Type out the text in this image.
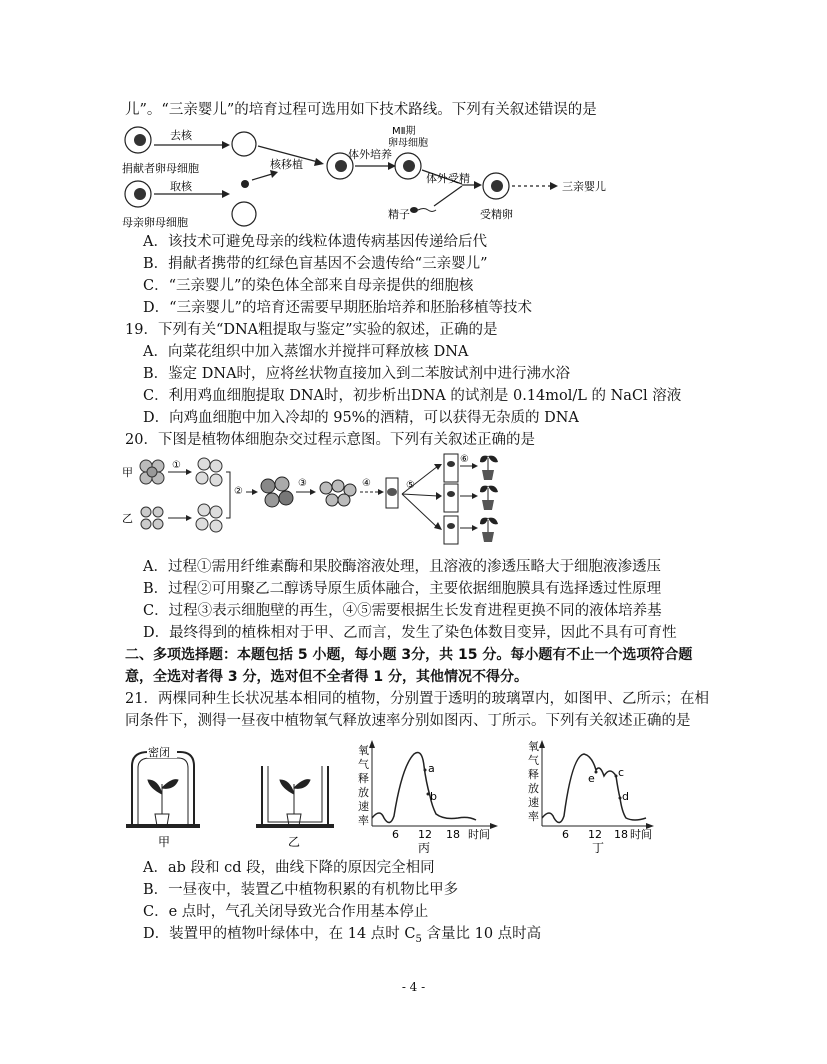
儿”。“三亲婴儿”的培育过程可选用如下技术路线。下列有关叙述错误的是
去核
捐献者卵母细胞
取核
母亲卵母细胞
核移植
体外培养
MⅡ期
卵母细胞
体外受精
精子	受精卵
三亲婴儿
A．该技术可避免母亲的线粒体遗传病基因传递给后代
B．捐献者携带的红绿色盲基因不会遗传给“三亲婴儿”
C．“三亲婴儿”的染色体全部来自母亲提供的细胞核
D．“三亲婴儿”的培育还需要早期胚胎培养和胚胎移植等技术
19．下列有关“DNA粗提取与鉴定”实验的叙述，正确的是
A．向菜花组织中加入蒸馏水并搅拌可释放核 DNA
B．鉴定 DNA时，应将丝状物直接加入到二苯胺试剂中进行沸水浴
C．利用鸡血细胞提取 DNA时，初步析出DNA 的试剂是 0.14mol/L 的 NaCl 溶液
D．向鸡血细胞中加入冷却的 95%的酒精，可以获得无杂质的 DNA
20．下图是植物体细胞杂交过程示意图。下列有关叙述正确的是
甲
①
乙
②
③	④	⑤
⑥
A．过程①需用纤维素酶和果胶酶溶液处理，且溶液的渗透压略大于细胞液渗透压
B．过程②可用聚乙二醇诱导原生质体融合，主要依据细胞膜具有选择透过性原理
C．过程③表示细胞壁的再生，④⑤需要根据生长发育进程更换不同的液体培养基
D．最终得到的植株相对于甲、乙而言，发生了染色体数目变异，因此不具有可育性
二、多项选择题：本题包括 5 小题，每小题 3分，共 15 分。每小题有不止一个选项符合题
意，全选对者得 3 分，选对但不全者得 1 分，其他情况不得分。
21．两棵同种生长状况基本相同的植物，分别置于透明的玻璃罩内，如图甲、乙所示；在相
同条件下，测得一昼夜中植物氧气释放速率分别如图丙、丁所示。下列有关叙述正确的是
密闭
甲	乙
氧
气
释
放
速
率
a
b
6 12 18 时间
丙
氧
气
释
放
速
率
e c
d
6 12 18 时间
丁
A．ab 段和 cd 段，曲线下降的原因完全相同
B．一昼夜中，装置乙中植物积累的有机物比甲多
C．e 点时，气孔关闭导致光合作用基本停止
D．装置甲的植物叶绿体中，在 14 点时 $C_5$ 含量比 10 点时高
- 4 -
